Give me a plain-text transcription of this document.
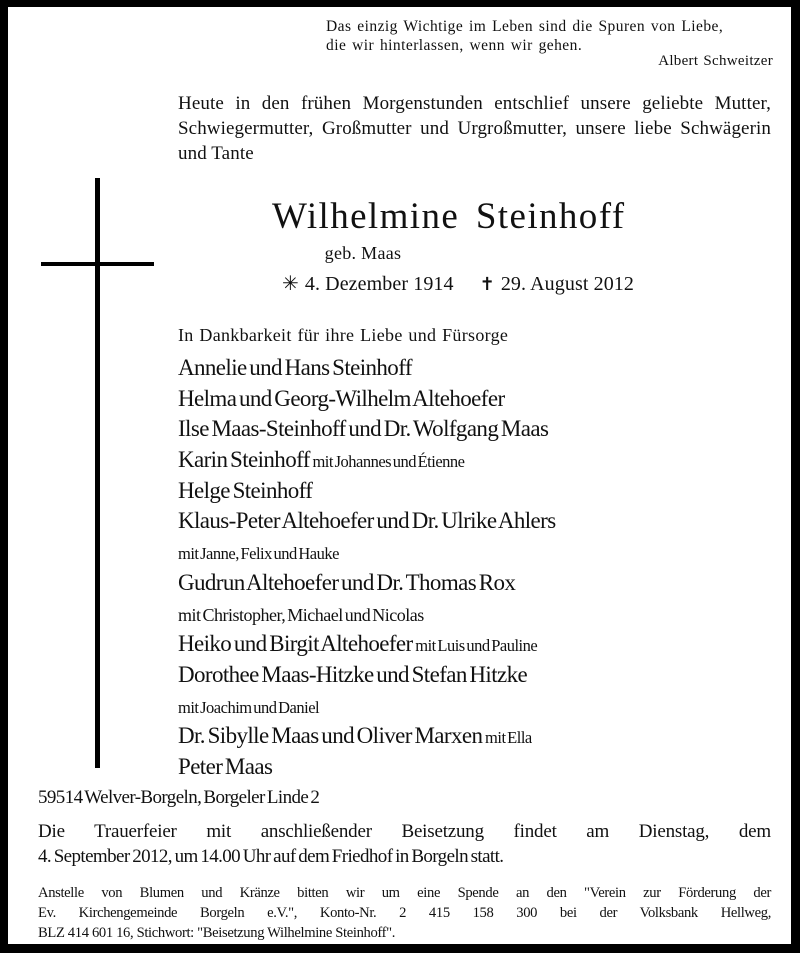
Das einzig Wichtige im Leben sind die Spuren von Liebe,
die wir hinterlassen, wenn wir gehen.
Albert Schweitzer
Heute in den frühen Morgenstunden entschlief unsere geliebte Mutter, Schwiegermutter, Großmutter und Urgroßmutter, unsere liebe Schwägerin und Tante
Wilhelmine Steinhoff
geb. Maas
✳ 4. Dezember 1914 ✝ 29. August 2012
In Dankbarkeit für ihre Liebe und Fürsorge
Annelie und Hans Steinhoff
Helma und Georg-Wilhelm Altehoefer
Ilse Maas-Steinhoff und Dr. Wolfgang Maas
Karin Steinhoff mit Johannes und Étienne
Helge Steinhoff
Klaus-Peter Altehoefer und Dr. Ulrike Ahlers
mit Janne, Felix und Hauke
Gudrun Altehoefer und Dr. Thomas Rox
mit Christopher, Michael und Nicolas
Heiko und Birgit Altehoefer mit Luis und Pauline
Dorothee Maas-Hitzke und Stefan Hitzke
mit Joachim und Daniel
Dr. Sibylle Maas und Oliver Marxen mit Ella
Peter Maas
59514 Welver-Borgeln, Borgeler Linde 2
Die Trauerfeier mit anschließender Beisetzung findet am Dienstag, dem
4. September 2012, um 14.00 Uhr auf dem Friedhof in Borgeln statt.
Anstelle von Blumen und Kränze bitten wir um eine Spende an den "Verein zur Förderung der
Ev. Kirchengemeinde Borgeln e.V.", Konto-Nr. 2 415 158 300 bei der Volksbank Hellweg,
BLZ 414 601 16, Stichwort: "Beisetzung Wilhelmine Steinhoff".
